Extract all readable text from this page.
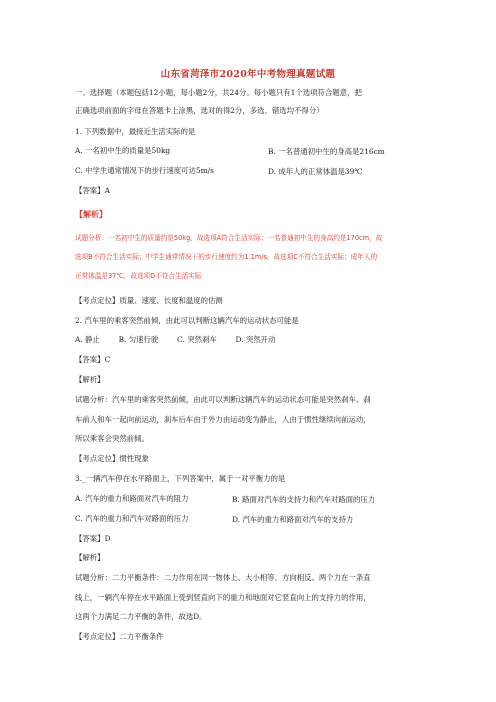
山东省菏泽市2020年中考物理真题试题
一、选择题（本题包括12小题，每小题2分，共24分。每小题只有1个选项符合题意，把
正确选项前面的字母在答题卡上涂黑，选对的得2分，多选、错选均不得分）
1. 下列数据中，最接近生活实际的是
A. 一名初中生的质量是50kg	B. 一名普通初中生的身高是216cm
C. 中学生通常情况下的步行速度可达5m/s	D. 成年人的正常体温是39℃
【答案】A
【解析】
试题分析：一名初中生的质量约是50kg，故选项A符合生活实际；一名普通初中生的身高约是170cm，故
选项B不符合生活实际；中学生通常情况下的步行速度约为1.1m/s，故选项C不符合生活实际；成年人的
正常体温是37℃，故选项D不符合生活实际
【考点定位】质量、速度、长度和温度的估测
2. 汽车里的乘客突然前倾，由此可以判断这辆汽车的运动状态可能是
A. 静止        B. 匀速行驶        C. 突然刹车        D. 突然开动
【答案】C
【解析】
试题分析：汽车里的乘客突然前倾，由此可以判断这辆汽车的运动状态可能是突然刹车。刹
车前人和车一起向前运动，刹车后车由于外力由运动变为静止，人由于惯性继续向前运动，
所以乘客会突然前倾。
【考点定位】惯性现象
3._一辆汽车停在水平路面上，下列答案中，属于一对平衡力的是
A. 汽车的重力和路面对汽车的阻力	B. 路面对汽车的支持力和汽车对路面的压力
C. 汽车的重力和汽车对路面的压力	D. 汽车的重力和路面对汽车的支持力
【答案】D
【解析】
试题分析：二力平衡条件：二力作用在同一物体上、大小相等、方向相反、两个力在一条直
线上，一辆汽车停在水平路面上受到竖直向下的重力和地面对它竖直向上的支持力的作用，
这两个力满足二力平衡的条件，故选D。
【考点定位】二力平衡条件
